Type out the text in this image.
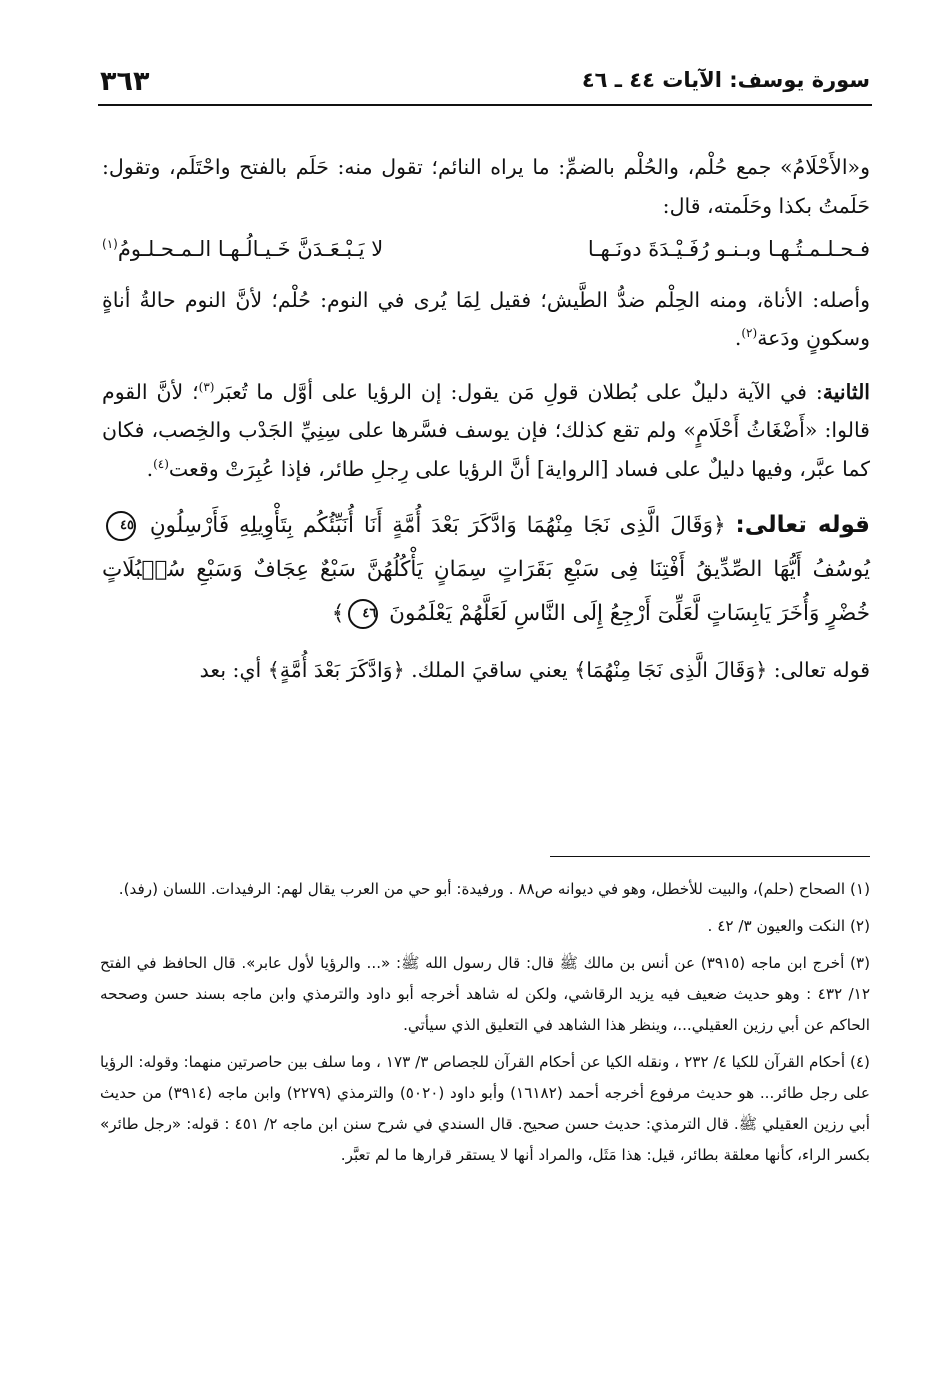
سورة يوسف: الآيات ٤٤ ـ ٤٦
٣٦٣

و«الأَحْلَامُ» جمع حُلْم، والحُلْم بالضمِّ: ما يراه النائم؛ تقول منه: حَلَم بالفتح واحْتَلَم، وتقول: حَلَمتُ بكذا وحَلَمته، قال:

فـحـلـمـتُـهـا وبـنـو رُفَـيْـدَةَ دونَـهـا
لا يَـبْـعَـدَنَّ خَـيـالُـهـا الـمـحـلـومُ$^{(١)}$

وأصله: الأناة، ومنه الحِلْم ضدُّ الطَّيش؛ فقيل لِمَا يُرى في النوم: حُلْم؛ لأنَّ النوم حالةُ أناةٍ وسكونٍ ودَعة$^{(٢)}$.

الثانية: في الآية دليلٌ على بُطلان قولِ مَن يقول: إن الرؤيا على أوَّل ما تُعبَر$^{(٣)}$؛ لأنَّ القوم قالوا: «أَضْغَاثُ أَحْلَامٍ» ولم تقع كذلك؛ فإن يوسف فسَّرها على سِنِيِّ الجَدْب والخِصب، فكان كما عبَّر، وفيها دليلٌ على فساد [الرواية] أنَّ الرؤيا على رِجلِ طائر، فإذا عُبِرَتْ وقعت$^{(٤)}$.

قوله تعالى: ﴿وَقَالَ الَّذِى نَجَا مِنْهُمَا وَادَّكَرَ بَعْدَ أُمَّةٍ أَنَا أُنَبِّئُكُم بِتَأْوِيلِهِ فَأَرْسِلُونِ ٤٥ يُوسُفُ أَيُّهَا الصِّدِّيقُ أَفْتِنَا فِى سَبْعِ بَقَرَاتٍ سِمَانٍ يَأْكُلُهُنَّ سَبْعٌ عِجَافٌ وَسَبْعِ سُنۢبُلَاتٍ خُضْرٍ وَأُخَرَ يَابِسَاتٍ لَّعَلِّىٓ أَرْجِعُ إِلَى النَّاسِ لَعَلَّهُمْ يَعْلَمُونَ ٤٦﴾

قوله تعالى: ﴿وَقَالَ الَّذِى نَجَا مِنْهُمَا﴾ يعني ساقيَ الملك. ﴿وَادَّكَرَ بَعْدَ أُمَّةٍ﴾ أي: بعد

(١) الصحاح (حلم)، والبيت للأخطل، وهو في ديوانه ص٨٨ . ورفيدة: أبو حي من العرب يقال لهم: الرفيدات. اللسان (رفد).

(٢) النكت والعيون ٣/ ٤٢ .

(٣) أخرج ابن ماجه (٣٩١٥) عن أنس بن مالك ﷺ قال: قال رسول الله ﷺ: «... والرؤيا لأول عابر». قال الحافظ في الفتح ١٢/ ٤٣٢ : وهو حديث ضعيف فيه يزيد الرقاشي، ولكن له شاهد أخرجه أبو داود والترمذي وابن ماجه بسند حسن وصححه الحاكم عن أبي رزين العقيلي...، وينظر هذا الشاهد في التعليق الذي سيأتي.

(٤) أحكام القرآن للكيا ٤/ ٢٣٢ ، ونقله الكيا عن أحكام القرآن للجصاص ٣/ ١٧٣ ، وما سلف بين حاصرتين منهما: وقوله: الرؤيا على رجل طائر... هو حديث مرفوع أخرجه أحمد (١٦١٨٢) وأبو داود (٥٠٢٠) والترمذي (٢٢٧٩) وابن ماجه (٣٩١٤) من حديث أبي رزين العقيلي ﷺ. قال الترمذي: حديث حسن صحيح. قال السندي في شرح سنن ابن ماجه ٢/ ٤٥١ : قوله: «رجل طائر» بكسر الراء، كأنها معلقة بطائر، قيل: هذا مَثَل، والمراد أنها لا يستقر قرارها ما لم تعبَّر.
